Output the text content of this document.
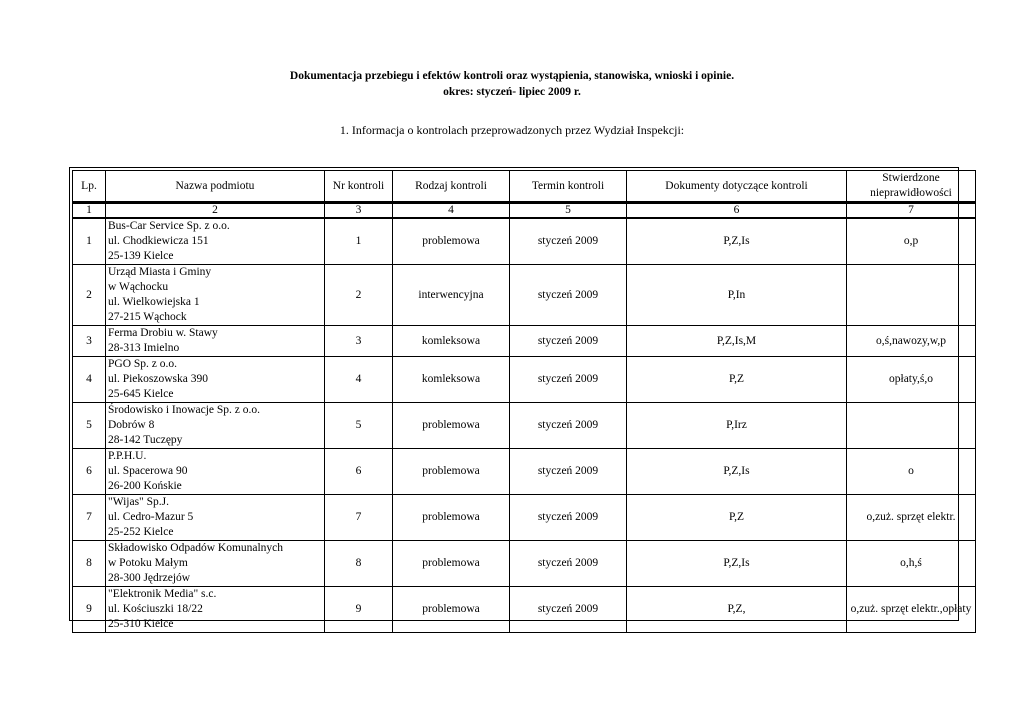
Dokumentacja przebiegu i efektów kontroli oraz wystąpienia, stanowiska, wnioski i opinie.
okres: styczeń- lipiec 2009 r.
1. Informacja o kontrolach przeprowadzonych przez Wydział Inspekcji:
Lp.	Nazwa podmiotu	Nr kontroli	Rodzaj kontroli	Termin kontroli	Dokumenty dotyczące kontroli	Stwierdzone nieprawidłowości
1	2	3	4	5	6	7
1	Bus-Car Service Sp. z o.o.
ul. Chodkiewicza 151
25-139 Kielce	1	problemowa	styczeń 2009	P,Z,Is	o,p
2	Urząd Miasta i Gminy
w Wąchocku
ul. Wielkowiejska 1
27-215 Wąchock	2	interwencyjna	styczeń 2009	P,In	
3	Ferma Drobiu w. Stawy
28-313 Imielno	3	komleksowa	styczeń 2009	P,Z,Is,M	o,ś,nawozy,w,p
4	PGO Sp. z o.o.
ul. Piekoszowska 390
25-645 Kielce	4	komleksowa	styczeń 2009	P,Z	opłaty,ś,o
5	Środowisko i Inowacje Sp. z o.o.
Dobrów 8
28-142 Tuczępy	5	problemowa	styczeń 2009	P,Irz	
6	P.P.H.U.
ul. Spacerowa 90
26-200 Końskie	6	problemowa	styczeń 2009	P,Z,Is	o
7	"Wijas" Sp.J.
ul. Cedro-Mazur 5
25-252 Kielce	7	problemowa	styczeń 2009	P,Z	o,zuż. sprzęt elektr.
8	Składowisko Odpadów Komunalnych
w Potoku Małym
28-300 Jędrzejów	8	problemowa	styczeń 2009	P,Z,Is	o,h,ś
9	"Elektronik Media" s.c.
ul. Kościuszki 18/22
25-310 Kielce	9	problemowa	styczeń 2009	P,Z,	o,zuż. sprzęt elektr.,opłaty
